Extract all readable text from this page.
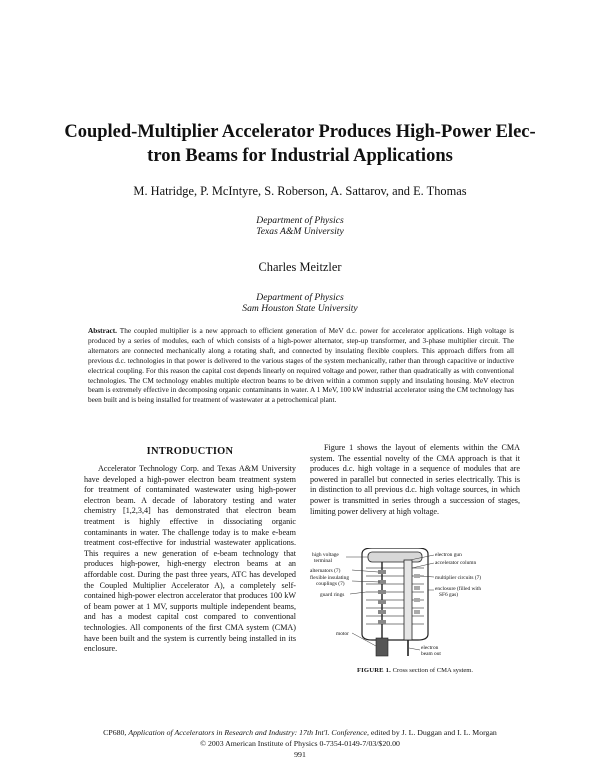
Coupled-Multiplier Accelerator Produces High-Power Elec-
tron Beams for Industrial Applications
M. Hatridge, P. McIntyre, S. Roberson, A. Sattarov, and E. Thomas
Department of Physics
Texas A&M University
Charles Meitzler
Department of Physics
Sam Houston State University
Abstract. The coupled multiplier is a new approach to efficient generation of MeV d.c. power for accelerator applications. High voltage is produced by a series of modules, each of which consists of a high-power alternator, step-up transformer, and 3-phase multiplier circuit. The alternators are connected mechanically along a rotating shaft, and connected by insulating flexible couplers. This approach differs from all previous d.c. technologies in that power is delivered to the various stages of the system mechanically, rather than through capacitive or inductive electrical coupling. For this reason the capital cost depends linearly on required voltage and power, rather than quadratically as with conventional technologies. The CM technology enables multiple electron beams to be driven within a common supply and insulating housing. MeV electron beam is extremely effective in decomposing organic contaminants in water. A 1 MeV, 100 kW industrial accelerator using the CM technology has been built and is being installed for treatment of wastewater at a petrochemical plant.
INTRODUCTION
Accelerator Technology Corp. and Texas A&M University have developed a high-power electron beam treatment system for treatment of contaminated wastewater using high-power electron beam. A decade of laboratory testing and water chemistry [1,2,3,4] has demonstrated that electron beam treatment is highly effective in dissociating organic contaminants in water. The challenge today is to make e-beam treatment cost-effective for industrial wastewater applications. This requires a new generation of e-beam technology that produces high-power, high-energy electron beams at an affordable cost. During the past three years, ATC has developed the Coupled Multiplier Accelerator A), a completely self-contained high-power electron accelerator that produces 100 kW of beam power at 1 MV, supports multiple independent beams, and has a modest capital cost compared to conventional technologies. All components of the first CMA system (CMA) have been built and the system is currently being installed in its enclosure.
Figure 1 shows the layout of elements within the CMA system. The essential novelty of the CMA approach is that it produces d.c. high voltage in a sequence of modules that are powered in parallel but connected in series electrically. This is in distinction to all previous d.c. high voltage sources, in which power is transmitted in series through a succession of stages, limiting power delivery at high voltage.
high voltage
terminal
alternators (7)
flexible insulating
couplings (7)
guard rings
motor
electron gun
accelerator column
multiplier circuits (7)
enclosure (filled with
SF6 gas)
electron
beam out
FIGURE 1. Cross section of CMA system.
CP680, Application of Accelerators in Research and Industry: 17th Int'l. Conference, edited by J. L. Duggan and I. L. Morgan
© 2003 American Institute of Physics 0-7354-0149-7/03/$20.00
991
